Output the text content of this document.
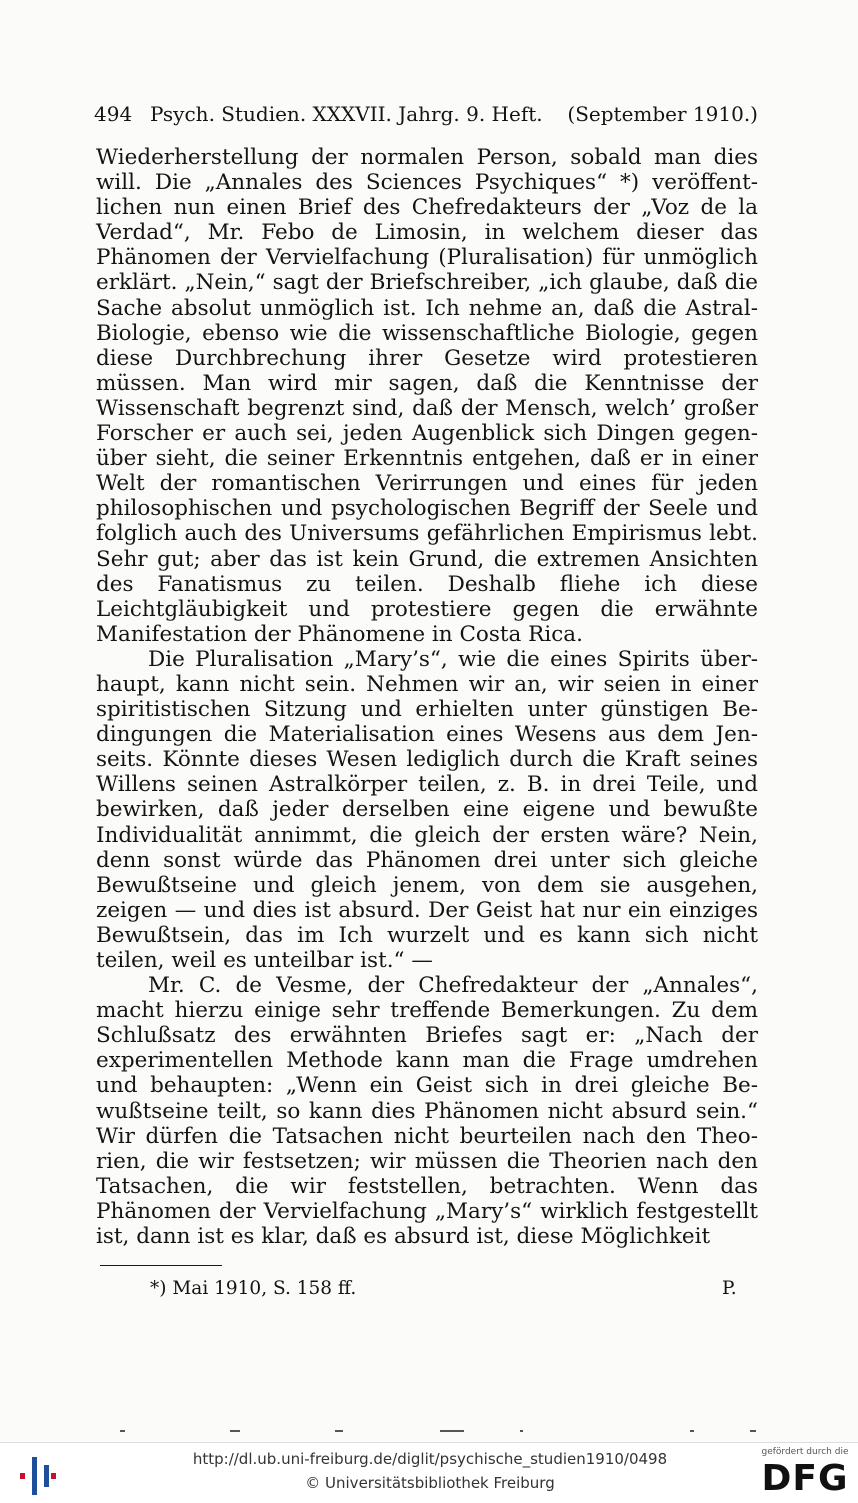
494 Psych. Studien. XXXVII. Jahrg. 9. Heft. (September 1910.)

Wiederherstellung der normalen Person, sobald man dies will. Die „Annales des Sciences Psychiques“ *) veröffentlichen nun einen Brief des Chefredakteurs der „Voz de la Verdad“, Mr. Febo de Limosin, in welchem dieser das Phänomen der Vervielfachung (Pluralisation) für unmöglich erklärt. „Nein,“ sagt der Briefschreiber, „ich glaube, daß die Sache absolut unmöglich ist. Ich nehme an, daß die Astral-Biologie, ebenso wie die wissenschaftliche Biologie, gegen diese Durchbrechung ihrer Gesetze wird protestieren müssen. Man wird mir sagen, daß die Kenntnisse der Wissenschaft begrenzt sind, daß der Mensch, welch’ großer Forscher er auch sei, jeden Augenblick sich Dingen gegenüber sieht, die seiner Erkenntnis entgehen, daß er in einer Welt der romantischen Verirrungen und eines für jeden philosophischen und psychologischen Begriff der Seele und folglich auch des Universums gefährlichen Empirismus lebt. Sehr gut; aber das ist kein Grund, die extremen Ansichten des Fanatismus zu teilen. Deshalb fliehe ich diese Leichtgläubigkeit und protestiere gegen die erwähnte Manifestation der Phänomene in Costa Rica.

Die Pluralisation „Mary’s“, wie die eines Spirits überhaupt, kann nicht sein. Nehmen wir an, wir seien in einer spiritistischen Sitzung und erhielten unter günstigen Bedingungen die Materialisation eines Wesens aus dem Jenseits. Könnte dieses Wesen lediglich durch die Kraft seines Willens seinen Astralkörper teilen, z. B. in drei Teile, und bewirken, daß jeder derselben eine eigene und bewußte Individualität annimmt, die gleich der ersten wäre? Nein, denn sonst würde das Phänomen drei unter sich gleiche Bewußtseine und gleich jenem, von dem sie ausgehen, zeigen — und dies ist absurd. Der Geist hat nur ein einziges Bewußtsein, das im Ich wurzelt und es kann sich nicht teilen, weil es unteilbar ist.“ —

Mr. C. de Vesme, der Chefredakteur der „Annales“, macht hierzu einige sehr treffende Bemerkungen. Zu dem Schlußsatz des erwähnten Briefes sagt er: „Nach der experimentellen Methode kann man die Frage umdrehen und behaupten: „Wenn ein Geist sich in drei gleiche Bewußtseine teilt, so kann dies Phänomen nicht absurd sein.“ Wir dürfen die Tatsachen nicht beurteilen nach den Theorien, die wir festsetzen; wir müssen die Theorien nach den Tatsachen, die wir feststellen, betrachten. Wenn das Phänomen der Vervielfachung „Mary’s“ wirklich festgestellt ist, dann ist es klar, daß es absurd ist, diese Möglichkeit

*) Mai 1910, S. 158 ff.	P.
http://dl.ub.uni-freiburg.de/diglit/psychische_studien1910/0498
© Universitätsbibliothek Freiburg
gefördert durch die
DFG
